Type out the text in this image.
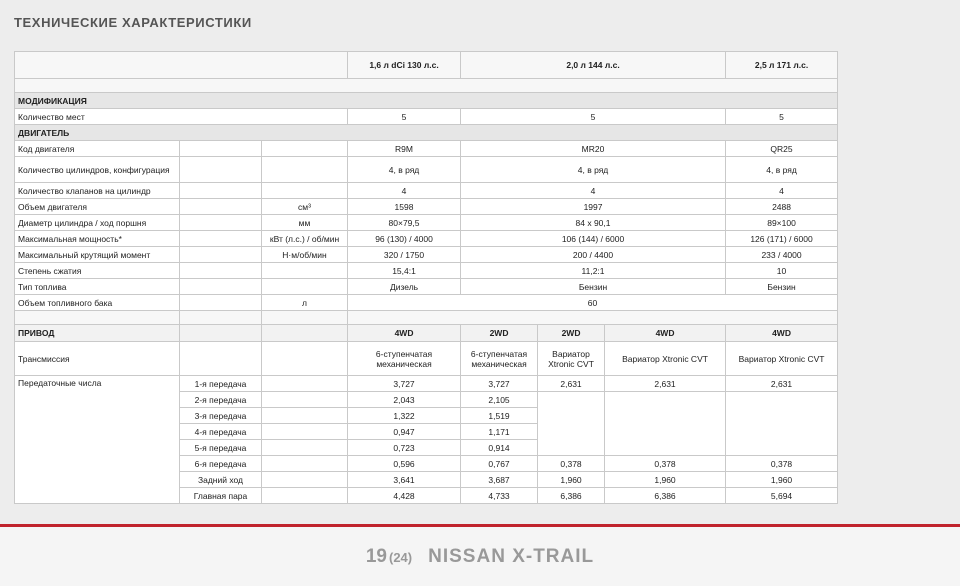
ТЕХНИЧЕСКИЕ ХАРАКТЕРИСТИКИ
			1,6 л dCi 130 л.с.	2,0 л 144 л.с.			2,5 л 171 л.с.

МОДИФИКАЦИЯ							
Количество мест			5	5			5
ДВИГАТЕЛЬ							
Код двигателя			R9M	MR20			QR25
Количество цилиндров, конфигурация			4, в ряд	4, в ряд			4, в ряд
Количество клапанов на цилиндр			4	4			4
Объем двигателя		см³	1598	1997			2488
Диаметр цилиндра / ход поршня		мм	80×79,5	84 х 90,1			89×100
Максимальная мощность*		кВт (л.с.) / об/мин	96 (130) / 4000	106 (144) / 6000			126 (171) / 6000
Максимальный крутящий момент		Н·м/об/мин	320 / 1750	200 / 4400			233 / 4000
Степень сжатия			15,4:1	11,2:1			10
Тип топлива			Дизель	Бензин			Бензин
Объем топливного бака		л	60				

ПРИВОД			4WD	2WD	2WD	4WD	4WD
Трансмиссия			6-ступенчатая механическая	6-ступенчатая механическая	Вариатор Xtronic CVT	Вариатор Xtronic CVT	Вариатор Xtronic CVT
Передаточные числа	1-я передача		3,727	3,727	2,631	2,631	2,631
	2-я передача		2,043	2,105			
	3-я передача		1,322	1,519			
	4-я передача		0,947	1,171			
	5-я передача		0,723	0,914			
	6-я передача		0,596	0,767	0,378	0,378	0,378
	Задний ход		3,641	3,687	1,960	1,960	1,960
	Главная пара		4,428	4,733	6,386	6,386	5,694
19 (24) NISSAN X-TRAIL
